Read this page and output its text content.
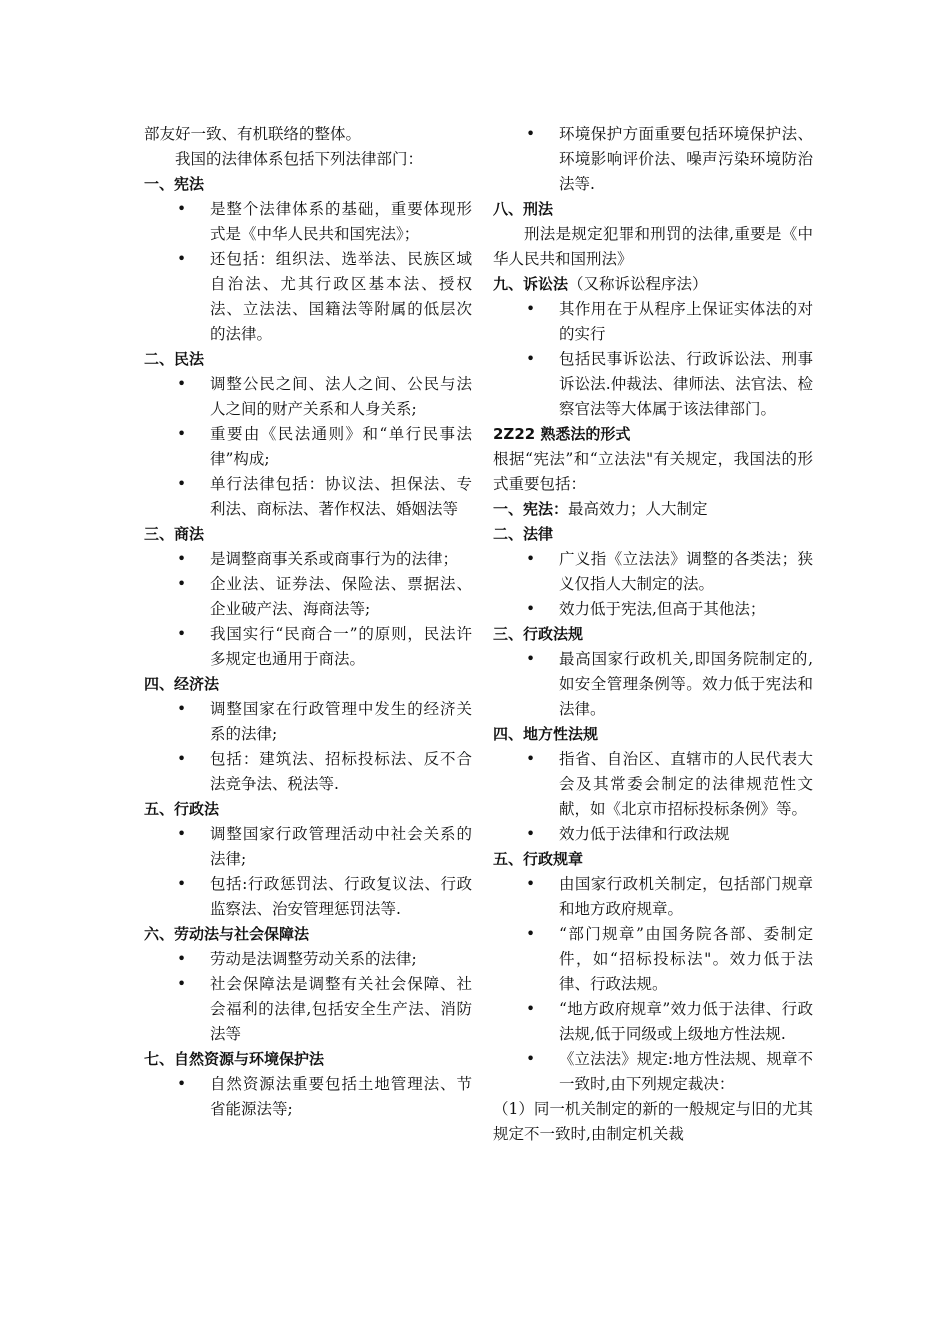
部友好一致、有机联络的整体。

我国的法律体系包括下列法律部门：

一、宪法

• 是整个法律体系的基础，重要体现形式是《中华人民共和国宪法》；
• 还包括：组织法、选举法、民族区域自治法、尤其行政区基本法、授权法、立法法、国籍法等附属的低层次的法律。

二、民法

• 调整公民之间、法人之间、公民与法人之间的财产关系和人身关系;
• 重要由《民法通则》和“单行民事法律”构成;
• 单行法律包括：协议法、担保法、专利法、商标法、著作权法、婚姻法等

三、商法

• 是调整商事关系或商事行为的法律；
• 企业法、证券法、保险法、票据法、企业破产法、海商法等;
• 我国实行“民商合一”的原则，民法许多规定也通用于商法。

四、经济法

• 调整国家在行政管理中发生的经济关系的法律;
• 包括：建筑法、招标投标法、反不合法竞争法、税法等.

五、行政法

• 调整国家行政管理活动中社会关系的法律;
• 包括:行政惩罚法、行政复议法、行政监察法、治安管理惩罚法等.

六、劳动法与社会保障法

• 劳动是法调整劳动关系的法律;
• 社会保障法是调整有关社会保障、社会福利的法律,包括安全生产法、消防法等

七、自然资源与环境保护法

• 自然资源法重要包括土地管理法、节省能源法等;
• 环境保护方面重要包括环境保护法、环境影响评价法、噪声污染环境防治法等.

八、刑法

刑法是规定犯罪和刑罚的法律,重要是《中华人民共和国刑法》

九、诉讼法（又称诉讼程序法）

• 其作用在于从程序上保证实体法的对的实行
• 包括民事诉讼法、行政诉讼法、刑事诉讼法.仲裁法、律师法、法官法、检察官法等大体属于该法律部门。

2Z22 熟悉法的形式

根据“宪法”和“立法法"有关规定，我国法的形式重要包括：

一、宪法：最高效力；人大制定

二、法律

• 广义指《立法法》调整的各类法；狭义仅指人大制定的法。
• 效力低于宪法,但高于其他法；

三、行政法规

• 最高国家行政机关,即国务院制定的,如安全管理条例等。效力低于宪法和法律。

四、地方性法规

• 指省、自治区、直辖市的人民代表大会及其常委会制定的法律规范性文献，如《北京市招标投标条例》等。
• 效力低于法律和行政法规

五、行政规章

• 由国家行政机关制定，包括部门规章和地方政府规章。
• “部门规章”由国务院各部、委制定件，如“招标投标法"。效力低于法律、行政法规。
• “地方政府规章”效力低于法律、行政法规,低于同级或上级地方性法规.
• 《立法法》规定:地方性法规、规章不一致时,由下列规定裁决：

（1）同一机关制定的新的一般规定与旧的尤其规定不一致时,由制定机关裁
